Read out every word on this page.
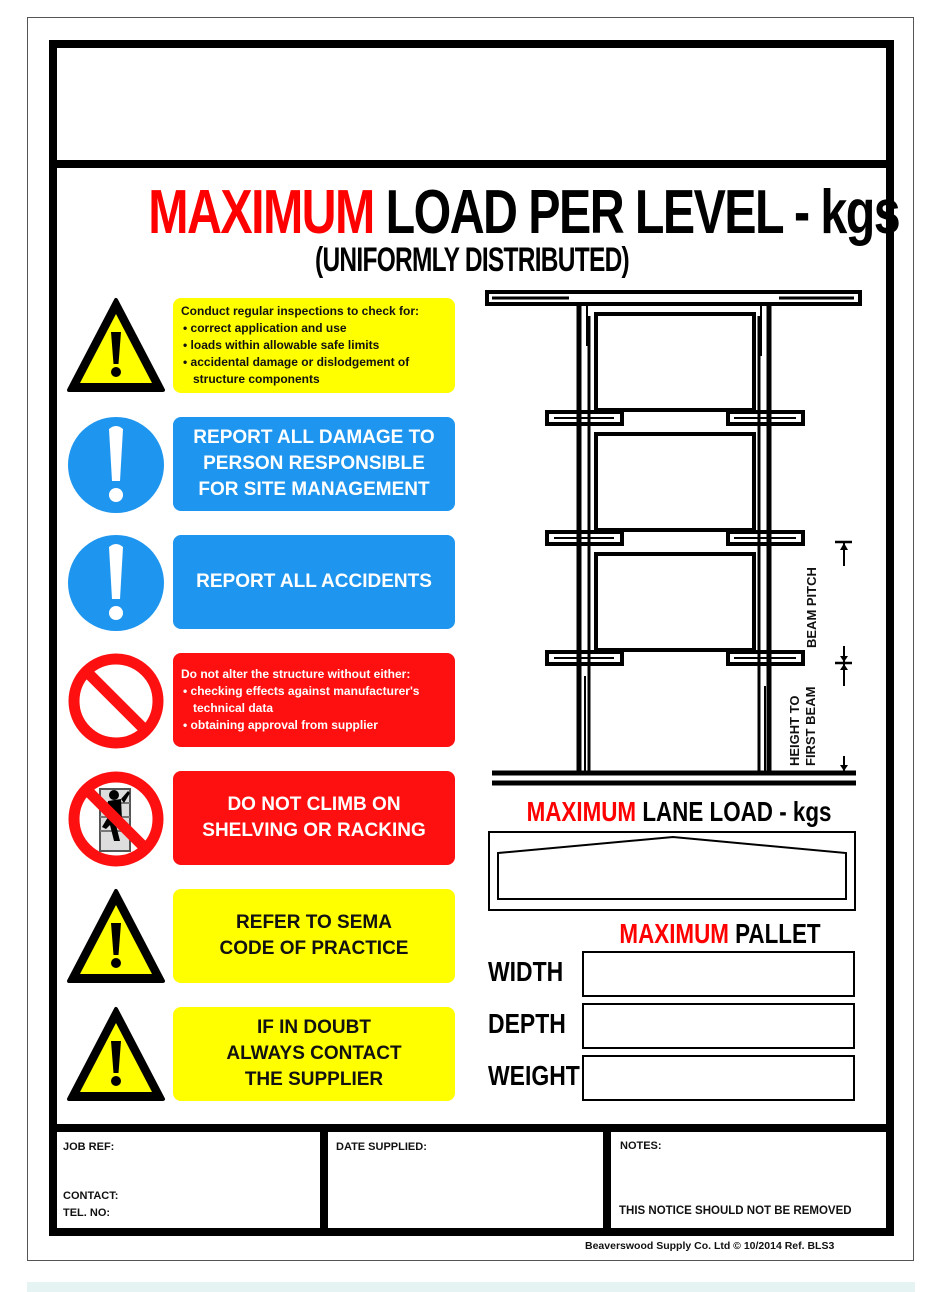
MAXIMUM LOAD PER LEVEL - kgs
(UNIFORMLY DISTRIBUTED)
Conduct regular inspections to check for:
• correct application and use
• loads within allowable safe limits
• accidental damage or dislodgement of structure components
REPORT ALL DAMAGE TO
PERSON RESPONSIBLE
FOR SITE MANAGEMENT
REPORT ALL ACCIDENTS
Do not alter the structure without either:
• checking effects against manufacturer's technical data
• obtaining approval from supplier
DO NOT CLIMB ON
SHELVING OR RACKING
REFER TO SEMA
CODE OF PRACTICE
IF IN DOUBT
ALWAYS CONTACT
THE SUPPLIER
BEAM PITCH
HEIGHT TO FIRST BEAM
MAXIMUM LANE LOAD - kgs
MAXIMUM PALLET
WIDTH
DEPTH
WEIGHT
JOB REF:
CONTACT:
TEL. NO:
DATE SUPPLIED:	NOTES:
THIS NOTICE SHOULD NOT BE REMOVED
Beaverswood Supply Co. Ltd © 10/2014 Ref. BLS3
